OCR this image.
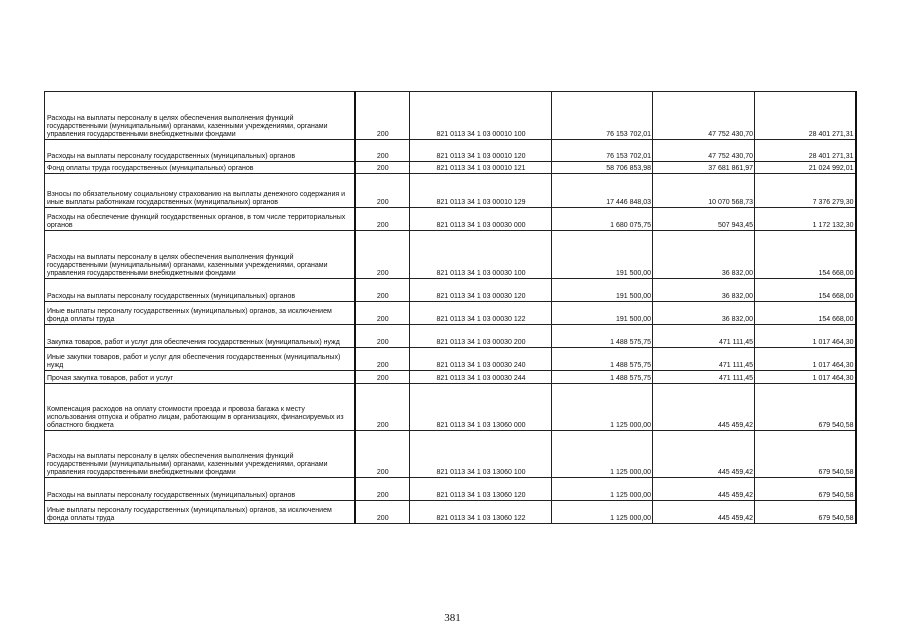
Расходы на выплаты персоналу в целях обеспечения выполнения функций государственными (муниципальными) органами, казенными учреждениями, органами управления государственными внебюджетными фондами	200	821 0113 34 1 03 00010 100	76 153 702,01	47 752 430,70	28 401 271,31
Расходы на выплаты персоналу государственных (муниципальных) органов	200	821 0113 34 1 03 00010 120	76 153 702,01	47 752 430,70	28 401 271,31
Фонд оплаты труда государственных (муниципальных) органов	200	821 0113 34 1 03 00010 121	58 706 853,98	37 681 861,97	21 024 992,01
Взносы по обязательному социальному страхованию на выплаты денежного содержания и иные выплаты работникам государственных (муниципальных) органов	200	821 0113 34 1 03 00010 129	17 446 848,03	10 070 568,73	7 376 279,30
Расходы на обеспечение функций государственных органов, в том числе территориальных органов	200	821 0113 34 1 03 00030 000	1 680 075,75	507 943,45	1 172 132,30
Расходы на выплаты персоналу в целях обеспечения выполнения функций государственными (муниципальными) органами, казенными учреждениями, органами управления государственными внебюджетными фондами	200	821 0113 34 1 03 00030 100	191 500,00	36 832,00	154 668,00
Расходы на выплаты персоналу государственных (муниципальных) органов	200	821 0113 34 1 03 00030 120	191 500,00	36 832,00	154 668,00
Иные выплаты персоналу государственных (муниципальных) органов, за исключением фонда оплаты труда	200	821 0113 34 1 03 00030 122	191 500,00	36 832,00	154 668,00
Закупка товаров, работ и услуг для обеспечения государственных (муниципальных) нужд	200	821 0113 34 1 03 00030 200	1 488 575,75	471 111,45	1 017 464,30
Иные закупки товаров, работ и услуг для обеспечения государственных (муниципальных) нужд	200	821 0113 34 1 03 00030 240	1 488 575,75	471 111,45	1 017 464,30
Прочая закупка товаров, работ и услуг	200	821 0113 34 1 03 00030 244	1 488 575,75	471 111,45	1 017 464,30
Компенсация расходов на оплату стоимости проезда и провоза багажа к месту использования отпуска и обратно лицам, работающим в организациях, финансируемых из областного бюджета	200	821 0113 34 1 03 13060 000	1 125 000,00	445 459,42	679 540,58
Расходы на выплаты персоналу в целях обеспечения выполнения функций государственными (муниципальными) органами, казенными учреждениями, органами управления государственными внебюджетными фондами	200	821 0113 34 1 03 13060 100	1 125 000,00	445 459,42	679 540,58
Расходы на выплаты персоналу государственных (муниципальных) органов	200	821 0113 34 1 03 13060 120	1 125 000,00	445 459,42	679 540,58
Иные выплаты персоналу государственных (муниципальных) органов, за исключением фонда оплаты труда	200	821 0113 34 1 03 13060 122	1 125 000,00	445 459,42	679 540,58
381
